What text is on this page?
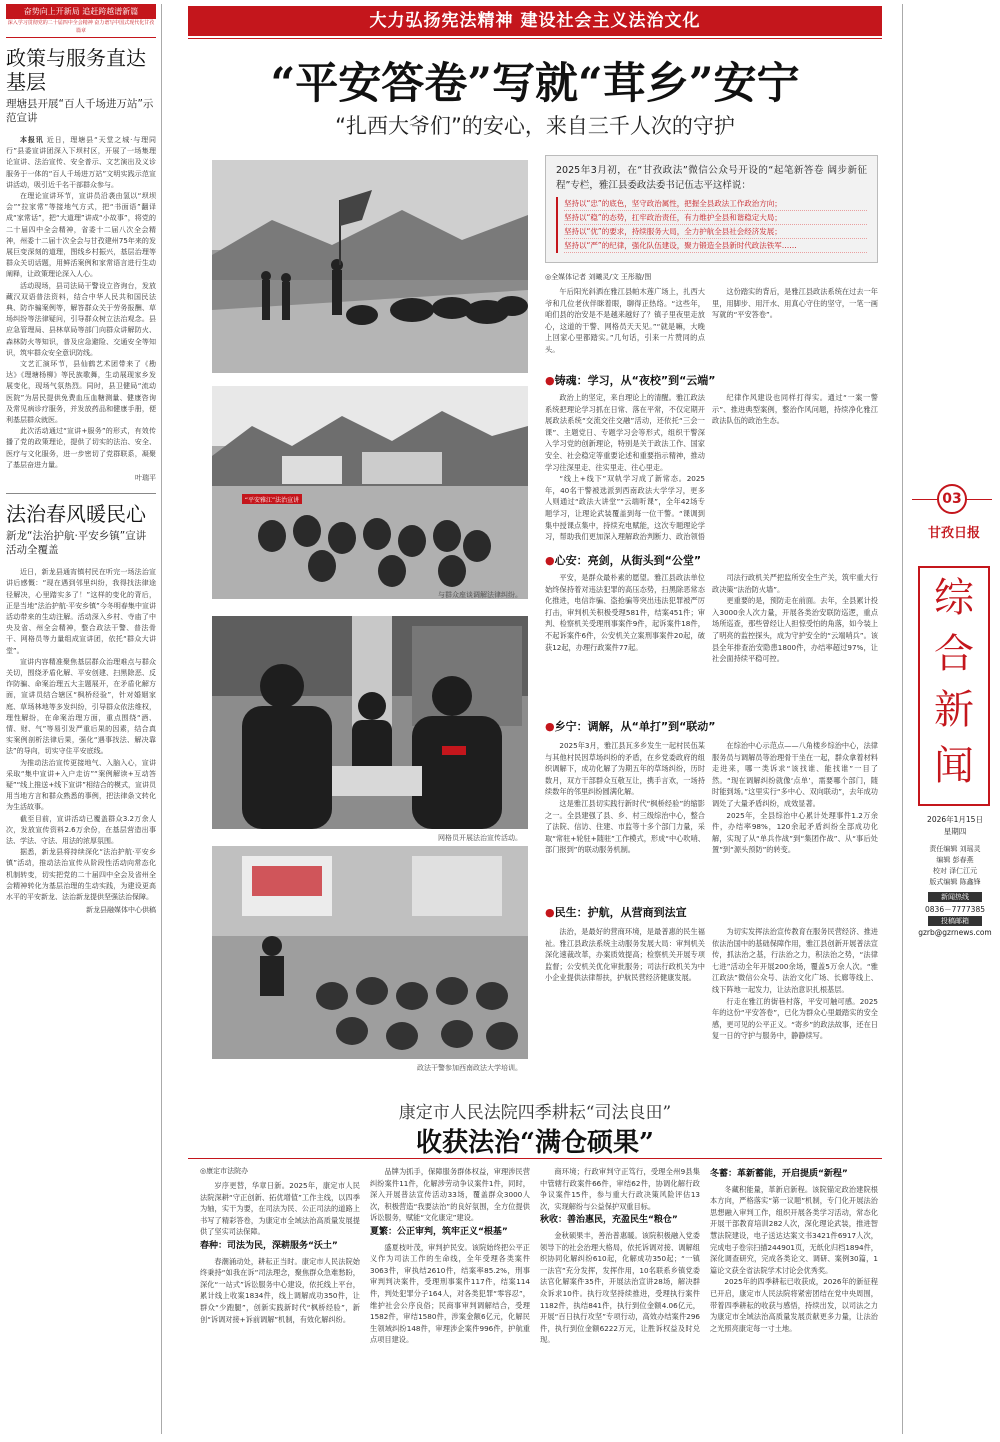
奋势向上开新局 追赶跨越谱新篇
深入学习贯彻党的二十届四中全会精神 奋力谱写中国式现代化甘孜篇章
政策与服务直达基层
理塘县开展“百人千场进万站”示范宣讲

本报讯 近日，理塘县“天堂之城·与理同行”县委宣讲团深入下坝村区，开展了一场集理论宣讲、法治宣传、安全普示、文艺演出及义诊服务于一体的“百人千场进万站”文明实践示范宣讲活动，吸引近千名干部群众参与。

在理论宣讲环节，宣讲员沿袭由氢以“坝坝会”“拉家常”等接地气方式，把“书面语”翻译成“家常话”，把“大道理”讲成“小故事”，将党的二十届四中全会精神，省委十二届八次全会精神，州委十二届十次全会与甘孜建州75年来的发展巨变深刻的道理，图线乡村振兴，基层治理等群众关切话题，用鲜活案例和家常语言进行生动阐释，让政策理论深入人心。

活动现场，县司法局干警设立咨询台，发放藏汉双语普法资料，结合中华人民共和国民法典、防诈骗案例等，解答群众关于劳务报酬、草场纠纷等法律疑问，引导群众树立法治观念。县应急管理局、县林草局等部门向群众讲解防火、森林防火等知识，普及应急避险、交通安全等知识，筑牢群众安全意识防线。

文艺汇演环节，县仙鹤艺术团带来了《勘达》《理塘杨柳》等民族歌舞，生动展现家乡发展变化，现场气氛热烈。同时，县卫健局“流动医院”为居民提供免费血压血糖测量、健康咨询及常见病诊疗服务，并发放药品和健康手册，便利基层群众就医。

此次活动通过“宣讲+服务”的形式，有效传播了党的政策理论，提供了切实的法治、安全、医疗与文化服务，进一步密切了党群联系，凝聚了基层奋进力量。

叶瑞平
法治春风暖民心
新龙“法治护航·平安乡镇”宣讲活动全覆盖

近日，新龙县通宵镇村民在听完一场法治宣讲后感慨：“现在遇到邻里纠纷，我得找法律途径解决，心里踏实多了！”这样的变化的背后，正是当地“法治护航·平安乡镇”今冬明春集中宣讲活动带来的生动注解。活动深入乡村、寺庙了中央及省、州全会精神，整合政法干警、普法骨干、网格员等力量组成宣讲团，依托“群众大讲堂”。

宣讲内容精准聚焦基层群众治理难点与群众关切，围绕矛盾化解、平安创建、扫黑除恶、反诈防骗、命案治理五大主题展开，在矛盾化解方面，宣讲员结合辖区“枫桥经验”，针对婚姻家庭、草场林地等多发纠纷，引导群众依法维权，理性解纷，在命案治理方面，重点围绕“酒、情、财、气”等易引发严重后果的因素，结合真实案例剖析法律后果，强化“遇事找法、解决靠法”的导向，切实守住平安底线。

为推动法治宣传更接地气、入脑入心，宣讲采取“集中宣讲+入户走访”“案例解读+互动答疑”“线上推送+线下宣讲”相结合的模式，宣讲员用当地方言和群众熟悉的事例，把法律条文转化为生活故事。

截至目前，宣讲活动已覆盖群众3.2万余人次，发放宣传资料2.6万余份，在基层营造出事法、学法、守法、用法的浓厚氛围。

据悉，新龙县将持续深化“法治护航·平安乡镇”活动，推动法治宣传从阶段性活动向常态化机制转变，切实把党的二十届四中全会及省州全会精神转化为基层治理的生动实践，为建设更高水平的平安新龙、法治新龙提供坚强法治保障。

新龙县融媒体中心供稿
大力弘扬宪法精神 建设社会主义法治文化
“平安答卷”写就“茸乡”安宁
“扎西大爷们”的安心，来自三千人次的守护
“平安雅江”法治宣讲
与群众座谈调解法律纠纷。
网格员开展法治宣传活动。
政法干警参加西南政法大学培训。
2025年3月初，在“甘孜政法”微信公众号开设的“起笔新答卷 阔步新征程”专栏，雅江县委政法委书记伍志平这样说：
坚持以“忠”的底色，坚守政治属性，把握全县政法工作政治方向；
坚持以“稳”的态势，扛牢政治责任，有力维护全县和谐稳定大局；
坚持以“优”的要求，持续服务大局，全力护航全县社会经济发展；
坚持以“严”的纪律，强化队伍建设，聚力锻造全县新时代政法铁军……
◎全媒体记者 刘曦灵/文 王彤璇/图

午后阳光斜洒在雅江县帕木莲广场上，扎西大爷和几位老伙伴眯着眼，聊得正热络。“这些年，咱们县的治安是不是越来越好了？镇子里夜里走放心，这道的干警、网格员天天见。”“就是嘛，大晚上回家心里都踏实。”几句话，引来一片赞同的点头。

这份踏实的背后，是雅江县政法系统在过去一年里，用脚步、用汗水、用真心守住的坚守，一笔一画写就的“平安答卷”。

●铸魂：学习，从“夜校”到“云端”

政治上的坚定，来自理论上的清醒。雅江政法系统把理论学习抓在日常、落在平常，不仅定期开展政法系统“交流交往交融”活动，还依托“三会一课”、主题党日、专题学习会等形式，组织干警深入学习党的创新理论，特别是关于政法工作、国家安全、社会稳定等重要论述和重要指示精神，推动学习往深里走、往实里走、往心里走。

“线上+线下”双轨学习成了新常态。2025年，40名干警被选派到西南政法大学学习，更多人则通过“政法大讲堂”“云端听课”，全年42场专题学习，让理论武装覆盖到每一位干警。“课调到集中授课点集中，持续充电赋能，这次专题理论学习，帮助我们更加深入理解政治判断力、政治领悟

纪律作风建设也同样打得实。通过“一案一警示”、推进典型案例，整治作风问题，持续净化雅江政法队伍的政治生态。

●心安：亮剑，从街头到“公堂”

平安，是群众最朴素的愿望。雅江县政法单位始终保持着对违法犯罪的高压态势，扫黑除恶常态化推进，电信诈骗、盗抢骗等突出违法犯罪被严厉打击，审判机关积极受理581件，结案451件；审判、检察机关受理刑事案件9件，起诉案件18件，不起诉案件6件，公安机关立案刑事案件20起，破获12起，办理行政案件77起。

司法行政机关严把监所安全生产关，筑牢重大行政决策“法治防火墙”。

更重要的是，预防走在前面。去年，全县累计投入3000余人次力量，开展各类治安联防巡逻，重点场所巡查，那些曾经让人担惊受怕的角落，如今装上了明亮的监控探头，成为守护安全的“云端哨兵”。该县全年排查治安隐患1800件，办结率超过97%，让社会面持续平稳可控。

●乡宁：调解，从“单打”到“联动”

2025年3月，雅江县瓦多乡发生一起村民伍某与其他村民因草场纠纷的矛盾，在乡党委政府的组织调解下，成功化解了为期五年的草场纠纷，历时数月，双方干部群众互敬互让，携手言欢，一场持续数年的邻里纠纷圆满化解。

这是雅江县切实践行新时代“枫桥经验”的缩影之一。全县建强了县、乡、村三级综治中心，整合了法院、信访、住建、市监等十多个部门力量，采取“常驻+轮驻+随驻”工作模式，形成“中心吹哨、部门报到”的联动服务机制。

在综治中心示范点——八角楼乡综治中心，法律服务员与调解员等治理骨干坐在一起，群众拿着材料走进来，哪一类诉求“该找谁、能找谁”一目了然。“现在调解纠纷就像‘点单’，需要哪个部门，随时能到场。”这里实行“多中心、双向联动”，去年成功调处了大量矛盾纠纷，成效显著。

2025年，全县综治中心累计处理事件1.2万余件，办结率98%，120余起矛盾纠纷全部成功化解，实现了从“单兵作战”到“集团作战”、从“事后处置”到“源头预防”的转变。

●民生：护航，从营商到法宣

法治，是最好的营商环境，是最普惠的民生福祉。雅江县政法系统主动服务发展大局：审判机关深化速裁改革，办案质效提高；检察机关开展专项监督；公安机关优化审批服务；司法行政机关为中小企业提供法律帮扶，护航民营经济健康发展。

为切实发挥法治宣传教育在服务民营经济、推进依法治国中的基础保障作用，雅江县创新开展普法宣传，抓法治之基，行法治之力，积法治之势，“法律七进”活动全年开展200余场，覆盖5万余人次。“雅江政法”微信公众号、法治文化广场、长廊等线上、线下阵地一起发力，让法治意识扎根基层。

行走在雅江的街巷村落，平安可触可感。2025年的这份“平安答卷”，已化为群众心里最踏实的安全感，更可见的公平正义。“寄乡”的政法故事，还在日复一日的守护与服务中，静静续写。

康定市人民法院四季耕耘“司法良田”
收获法治“满仓硕果”
◎康定市法院办

岁序更替，华章日新。2025年，康定市人民法院深耕“守正创新、拓优增值”工作主线，以四季为轴，实干为要，在司法为民、公正司法的道路上书写了精彩答卷，为康定市全域法治高质量发展提供了坚实司法保障。

春种：司法为民，深耕服务“沃土”

春潮涌动处，耕耘正当时。康定市人民法院始终秉持“如我在诉”司法理念，聚焦群众急难愁盼，深化“一站式”诉讼服务中心建设，依托线上平台，累计线上收案1834件，线上调解成功350件，让群众“少跑腿”，创新实践新时代“枫桥经验”，新创“诉调对接+诉前调解”机制，有效化解纠纷。

品牌为抓手，保障服务群体权益，审理涉民营纠纷案件11件，化解涉劳动争议案件1件，同时，深入开展普法宣传活动33场，覆盖群众3000人次，积极营造“我要法治”的良好氛围，全方位提供诉讼服务，赋能“文化康定”建设。

夏繁：公正审判，筑牢正义“根基”

盛夏枝叶茂，审判护民安。该院始终把公平正义作为司法工作的生命线，全年受理各类案件3063件，审执结2610件，结案率85.2%，刑事审判判决案件，受理刑事案件117件，结案114件，判处犯罪分子164人，对各类犯罪“零容忍”，维护社会公序良俗；民商事审判调解结合，受理1582件，审结1580件，涉案金额6亿元，化解民生领域纠纷148件，审理涉企案件996件，护航重点项目建设。

商环境；行政审判守正笃行，受理全州9县集中管辖行政案件66件，审结62件，协调化解行政争议案件15件，参与重大行政决策风险评估13次，实现解纷与公益保护双重目标。

秋收：善治惠民，充盈民生“粮仓”

金秋硕果丰，善治普惠暖。该院积极融入党委领导下的社会治理大格局，依托诉调对接、调解组织协同化解纠纷610起，化解成功350起；“一镇一法官”充分发挥，发挥作用，10名联系乡镇党委法官化解案件35件，开展法治宣讲28场，解决群众诉求10件。执行攻坚持续推进，受理执行案件1182件，执结841件，执行到位金额4.06亿元，开展“百日执行攻坚”专项行动，高效办结案件296件，执行到位金额6222万元，让胜诉权益及时兑现。

冬蓄：革新蓄能，开启提质“新程”

冬藏积能量，革新启新程。该院锚定政治建院根本方向，严格落实“第一议题”机制，专门化开展法治思想融入审判工作，组织开展各类学习活动，常态化开展干部教育培训282人次，深化理论武装，推进智慧法院建设，电子送达达案文书3421件6917人次，完成电子卷宗扫描244901页，无纸化归档1894件，深化调查研究，完成各类论文、调研、案例30篇，1篇论文获全省法院学术讨论会优秀奖。

2025年的四季耕耘已收获成，2026年的新征程已开启，康定市人民法院将紧密团结在党中央周围，带着四季耕耘的收获与感悟，持续出发，以司法之力为康定市全域法治高质量发展贡献更多力量，让法治之光照亮康定每一寸土地。

03
甘孜日报
综
合
新
闻
2026年1月15日
星期四
责任编辑 刘瑶灵
编辑 彭春燕
校对 泽仁江元
版式编辑 陈鑫锋
新闻热线
0836－7777385
投稿邮箱
gzrb@gzrnews.com
